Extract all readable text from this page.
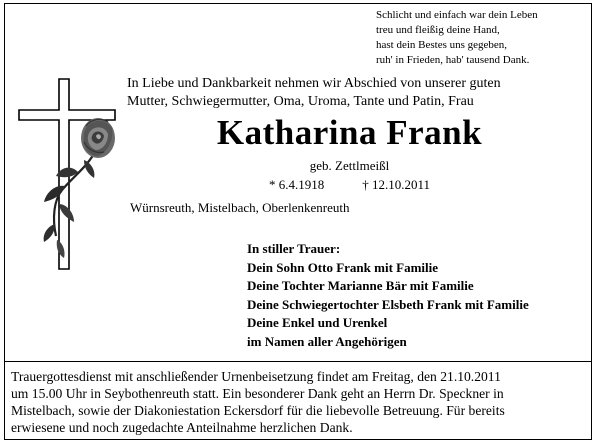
Schlicht und einfach war dein Leben
treu und fleißig deine Hand,
hast dein Bestes uns gegeben,
ruh' in Frieden, hab' tausend Dank.
In Liebe und Dankbarkeit nehmen wir Abschied von unserer guten
Mutter, Schwiegermutter, Oma, Uroma, Tante und Patin, Frau
Katharina Frank
geb. Zettlmeißl
* 6.4.1918	† 12.10.2011
Würnsreuth, Mistelbach, Oberlenkenreuth
In stiller Trauer:
Dein Sohn Otto Frank mit Familie
Deine Tochter Marianne Bär mit Familie
Deine Schwiegertochter Elsbeth Frank mit Familie
Deine Enkel und Urenkel
im Namen aller Angehörigen
Trauergottesdienst mit anschließender Urnenbeisetzung findet am Freitag, den 21.10.2011
um 15.00 Uhr in Seybothenreuth statt. Ein besonderer Dank geht an Herrn Dr. Speckner in
Mistelbach, sowie der Diakoniestation Eckersdorf für die liebevolle Betreuung. Für bereits
erwiesene und noch zugedachte Anteilnahme herzlichen Dank.
